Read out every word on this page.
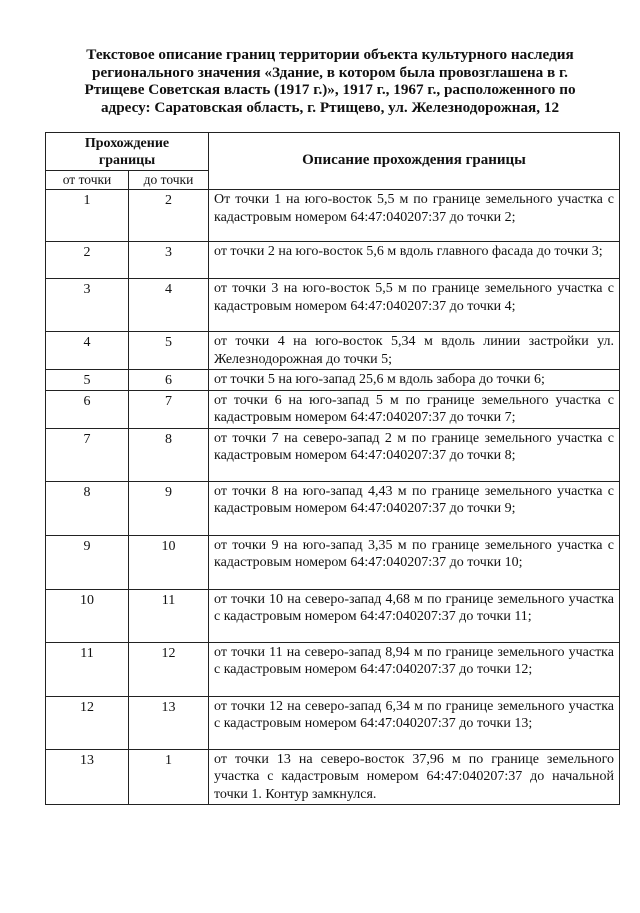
Текстовое описание границ территории объекта культурного наследия
регионального значения «Здание, в котором была провозглашена в г.
Ртищеве Советская власть (1917 г.)», 1917 г., 1967 г., расположенного по
адресу: Саратовская область, г. Ртищево, ул. Железнодорожная, 12
Прохождение
границы		Описание прохождения границы
от точки	до точки	
1	2	От точки 1 на юго-восток 5,5 м по границе земельного участка с кадастровым номером 64:47:040207:37 до точки 2;
2	3	от точки 2 на юго-восток 5,6 м вдоль главного фасада до точки 3;
3	4	от точки 3 на юго-восток 5,5 м по границе земельного участка с кадастровым номером 64:47:040207:37 до точки 4;
4	5	от точки 4 на юго-восток 5,34 м вдоль линии застройки ул. Железнодорожная до точки 5;
5	6	от точки 5 на юго-запад 25,6 м вдоль забора до точки 6;
6	7	от точки 6 на юго-запад 5 м по границе земельного участка с кадастровым номером 64:47:040207:37 до точки 7;
7	8	от точки 7 на северо-запад 2 м по границе земельного участка с кадастровым номером 64:47:040207:37 до точки 8;
8	9	от точки 8 на юго-запад 4,43 м по границе земельного участка с кадастровым номером 64:47:040207:37 до точки 9;
9	10	от точки 9 на юго-запад 3,35 м по границе земельного участка с кадастровым номером 64:47:040207:37 до точки 10;
10	11	от точки 10 на северо-запад 4,68 м по границе земельного участка с кадастровым номером 64:47:040207:37 до точки 11;
11	12	от точки 11 на северо-запад 8,94 м по границе земельного участка с кадастровым номером 64:47:040207:37 до точки 12;
12	13	от точки 12 на северо-запад 6,34 м по границе земельного участка с кадастровым номером 64:47:040207:37 до точки 13;
13	1	от точки 13 на северо-восток 37,96 м по границе земельного участка с кадастровым номером 64:47:040207:37 до начальной точки 1. Контур замкнулся.
